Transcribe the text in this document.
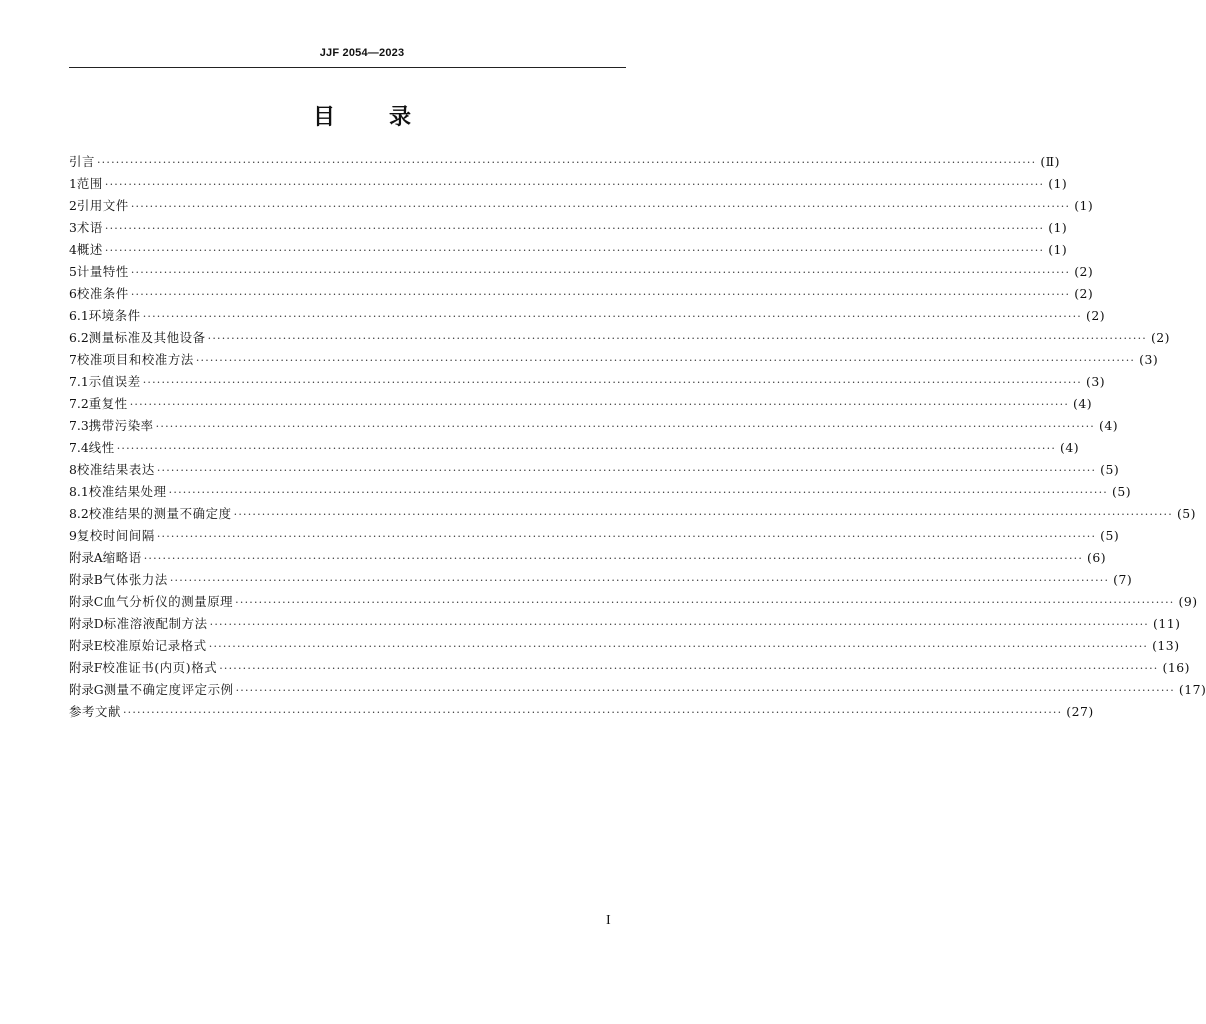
JJF 2054—2023
目 录
引言 ········································································································································································································ (Ⅱ)
1 范围 ········································································································································································································ (1)
2 引用文件 ········································································································································································································ (1)
3 术语 ········································································································································································································ (1)
4 概述 ········································································································································································································ (1)
5 计量特性 ········································································································································································································ (2)
6 校准条件 ········································································································································································································ (2)
6.1 环境条件 ········································································································································································································ (2)
6.2 测量标准及其他设备 ········································································································································································································ (2)
7 校准项目和校准方法 ········································································································································································································ (3)
7.1 示值误差 ········································································································································································································ (3)
7.2 重复性 ········································································································································································································ (4)
7.3 携带污染率 ········································································································································································································ (4)
7.4 线性 ········································································································································································································ (4)
8 校准结果表达 ········································································································································································································ (5)
8.1 校准结果处理 ········································································································································································································ (5)
8.2 校准结果的测量不确定度 ········································································································································································································ (5)
9 复校时间间隔 ········································································································································································································ (5)
附录A 缩略语 ········································································································································································································ (6)
附录B 气体张力法 ········································································································································································································ (7)
附录C 血气分析仪的测量原理 ········································································································································································································ (9)
附录D 标准溶液配制方法 ········································································································································································································ (11)
附录E 校准原始记录格式 ········································································································································································································ (13)
附录F 校准证书(内页)格式 ········································································································································································································ (16)
附录G 测量不确定度评定示例 ········································································································································································································ (17)
参考文献 ········································································································································································································ (27)
I
